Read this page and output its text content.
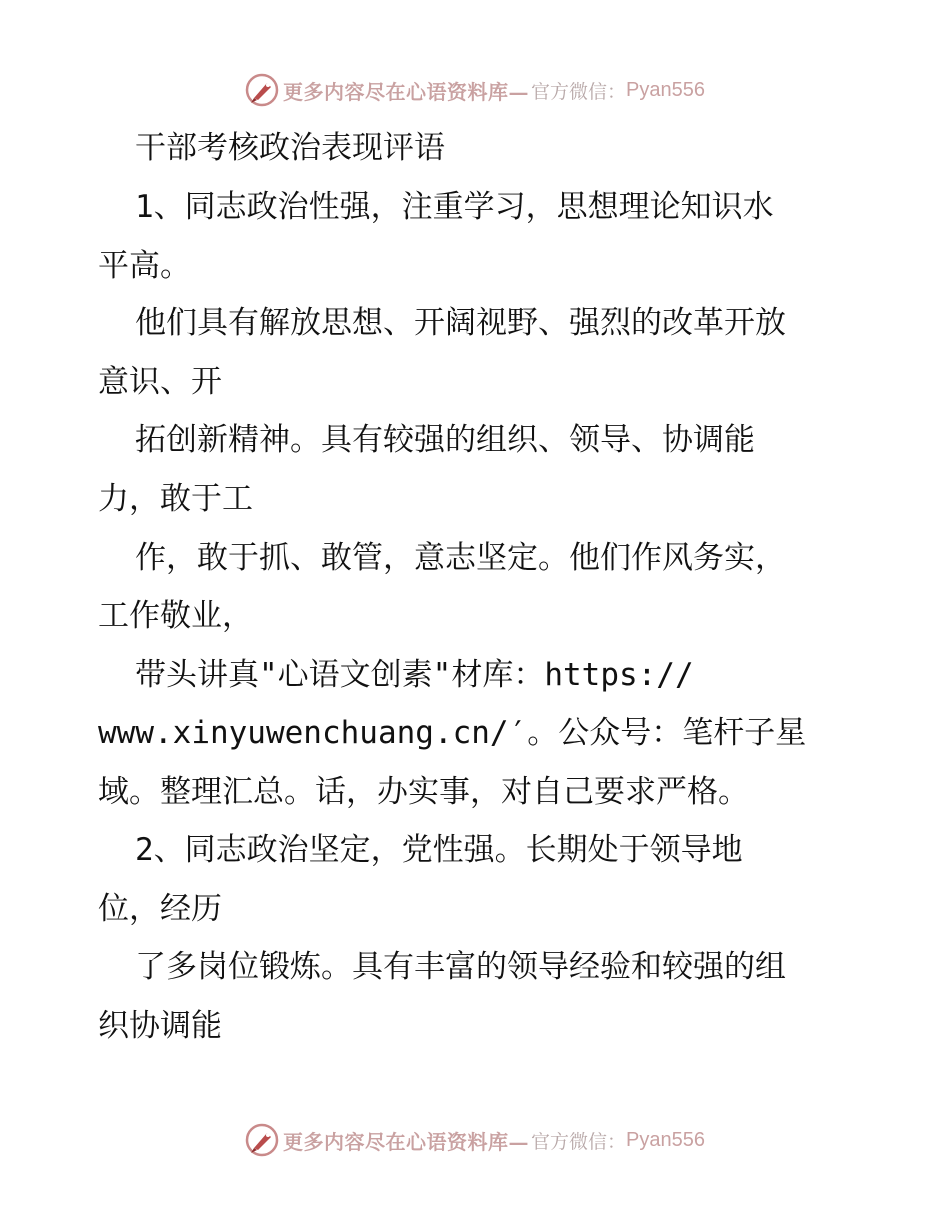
更多内容尽在心语资料库— 官方微信： Pyan556
干部考核政治表现评语
1、同志政治性强，注重学习，思想理论知识水
平高。
他们具有解放思想、开阔视野、强烈的改革开放
意识、开
拓创新精神。具有较强的组织、领导、协调能
力，敢于工
作，敢于抓、敢管，意志坚定。他们作风务实，
工作敬业，
带头讲真"心语文创素"材库：https://
www.xinyuwenchuang.cn/′。公众号：笔杆子星
域。整理汇总。话，办实事，对自己要求严格。
2、同志政治坚定，党性强。长期处于领导地
位，经历
了多岗位锻炼。具有丰富的领导经验和较强的组
织协调能
更多内容尽在心语资料库— 官方微信： Pyan556
